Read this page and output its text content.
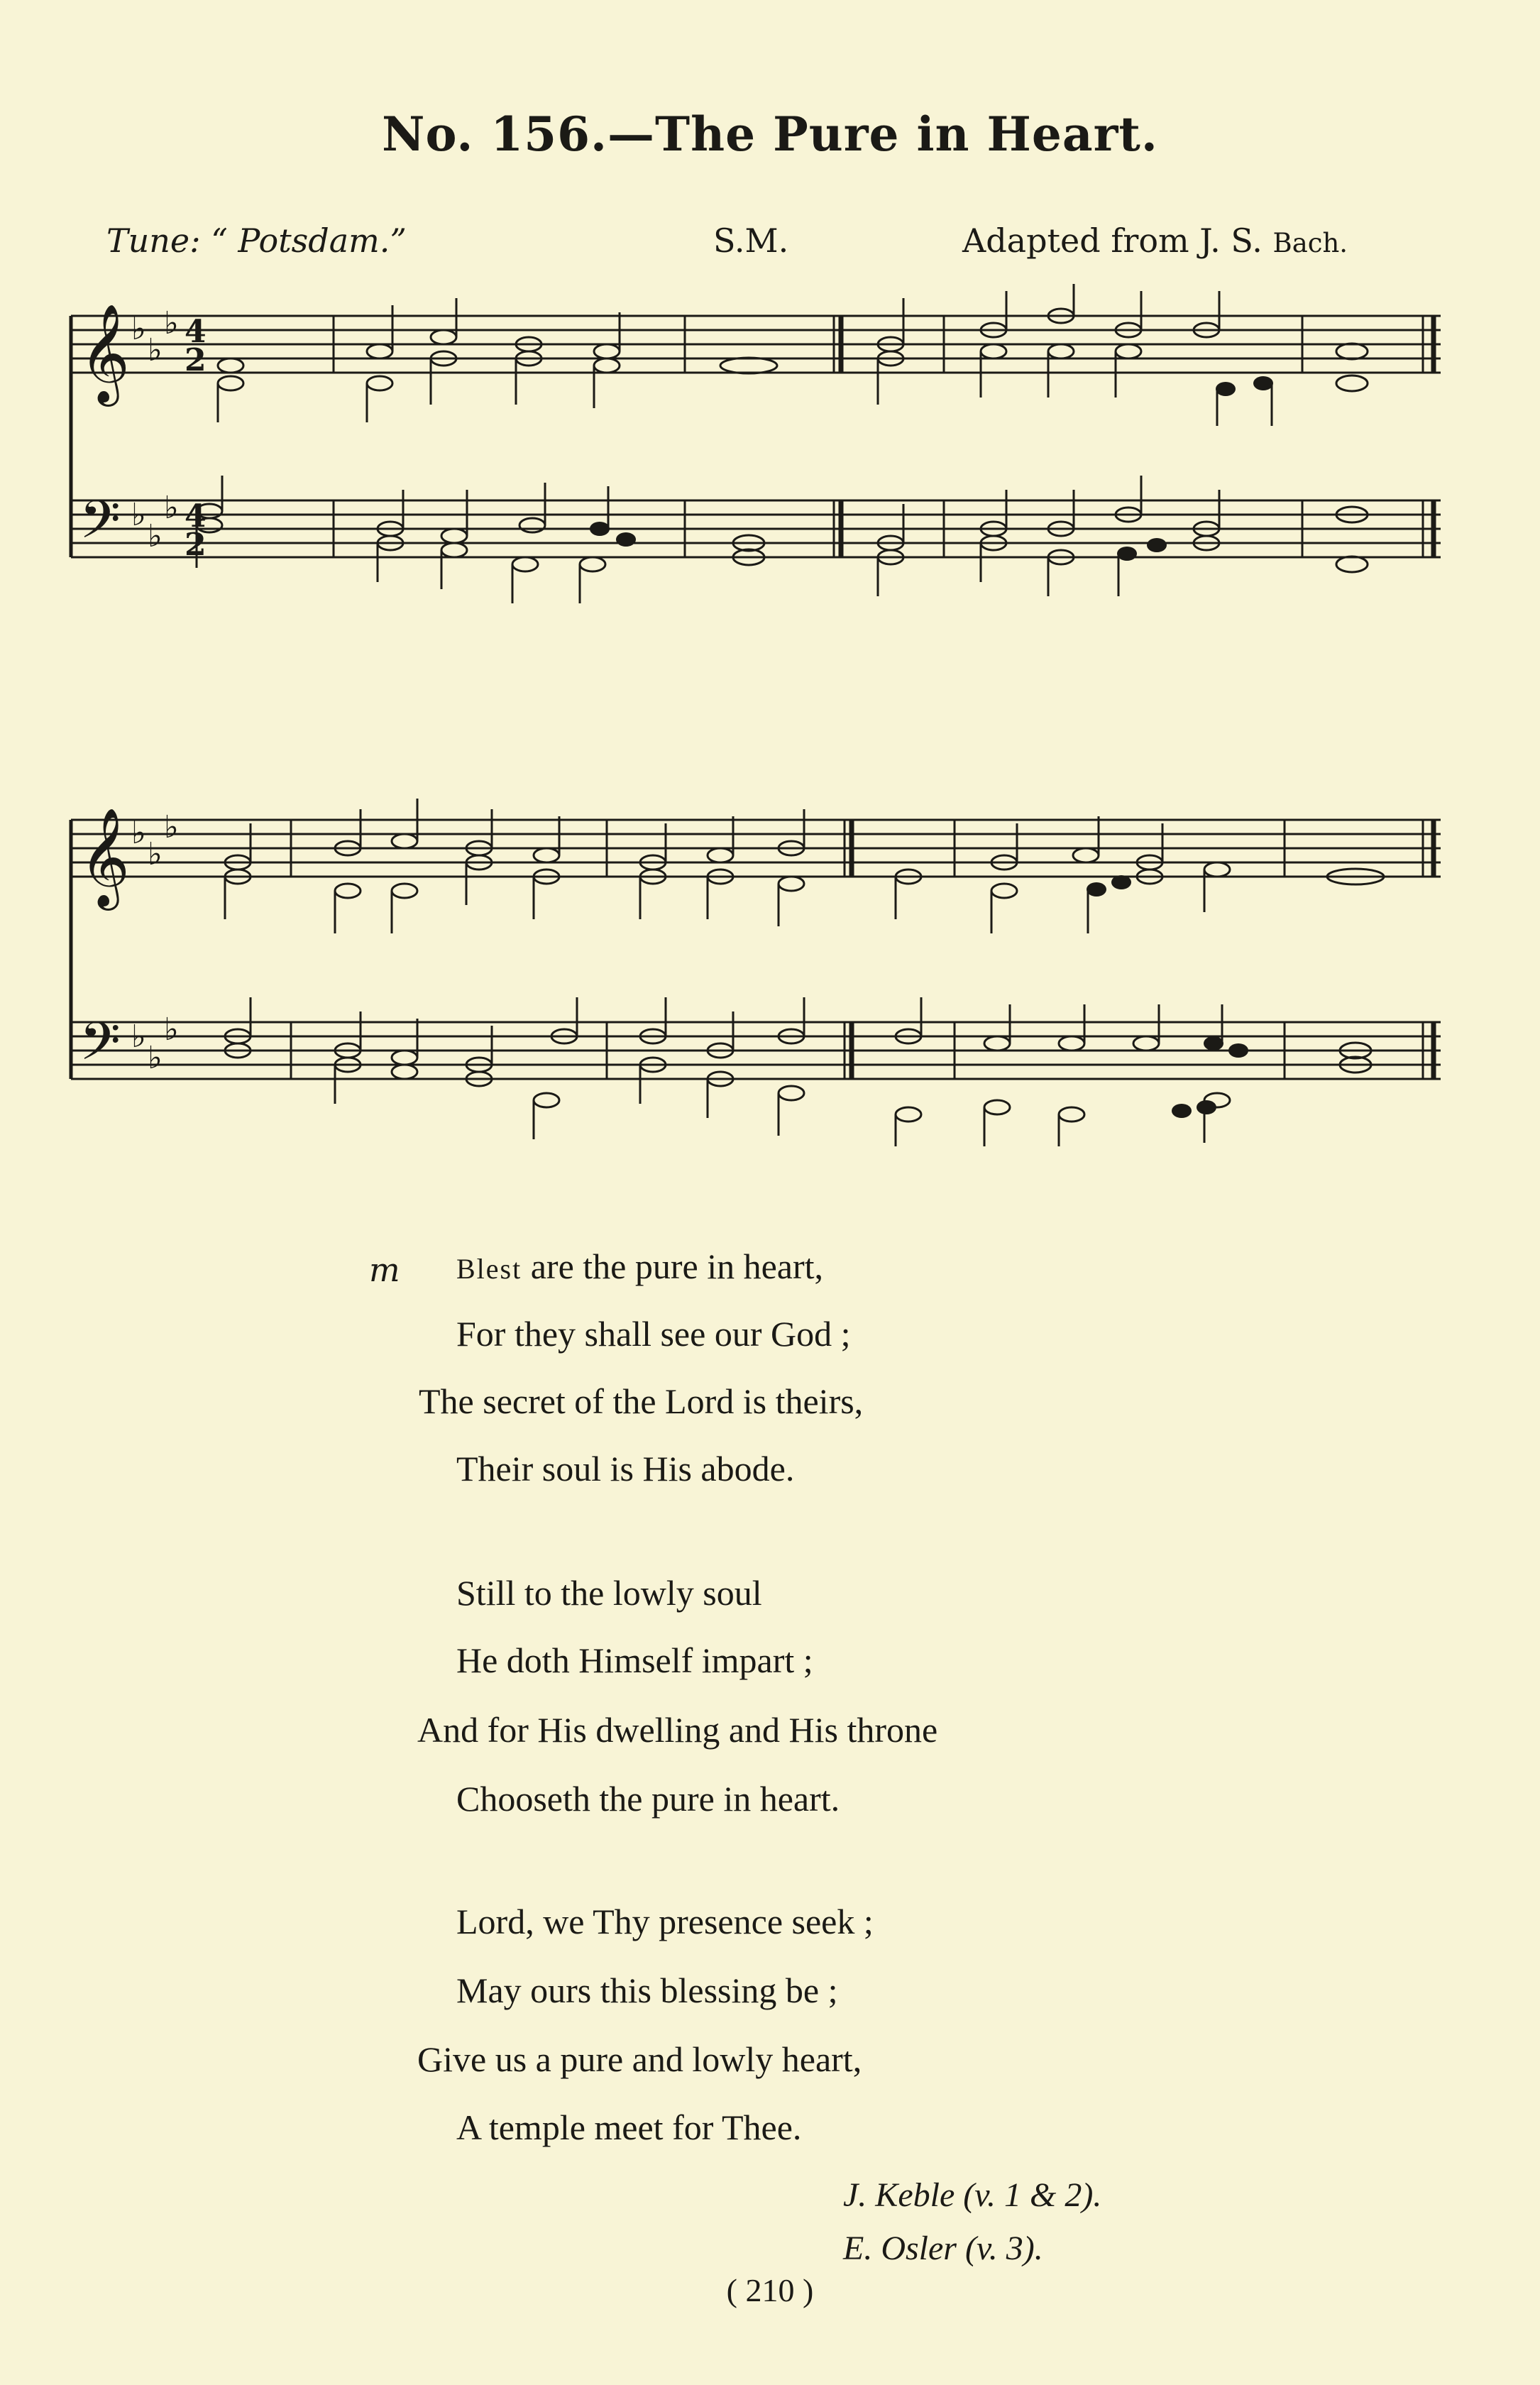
No. 156.—The Pure in Heart.
Tune: “ Potsdam.”	S.M.	Adapted from J. S. Bach.
𝄞
𝄢
♭
♭
♭
♭
♭
♭
4
2
4
2
𝄞
𝄢
♭
♭
♭
♭
♭
♭
m Blest are the pure in heart,
For they shall see our God ;
The secret of the Lord is theirs,
Their soul is His abode.
Still to the lowly soul
He doth Himself impart ;
And for His dwelling and His throne
Chooseth the pure in heart.
Lord, we Thy presence seek ;
May ours this blessing be ;
Give us a pure and lowly heart,
A temple meet for Thee.
J. Keble (v. 1 & 2).
E. Osler (v. 3).
( 210 )
